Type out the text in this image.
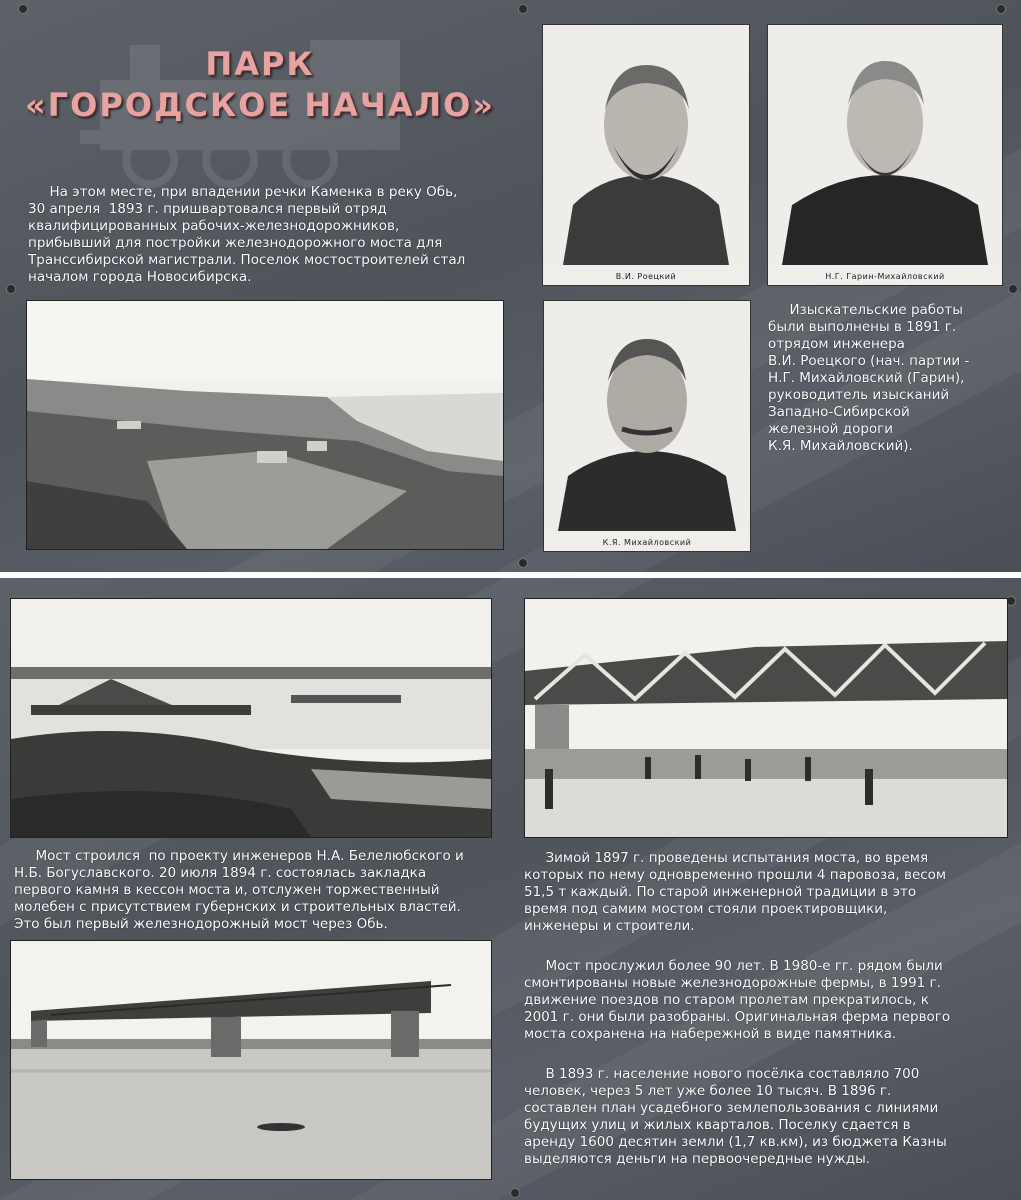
ПАРК
«ГОРОДСКОЕ НАЧАЛО»
На этом месте, при впадении речки Каменка в реку Обь,
30 апреля  1893 г. пришвартовался первый отряд
квалифицированных рабочих-железнодорожников,
прибывший для постройки железнодорожного моста для
Транссибирской магистрали. Поселок мостостроителей стал
началом города Новосибирска.	В.И. Роецкий	Н.Г. Гарин-Михайловский
К.Я. Михайловский
Изыскательские работы
были выполнены в 1891 г.
отрядом инженера
В.И. Роецкого (нач. партии -
Н.Г. Михайловский (Гарин),
руководитель изысканий
Западно-Сибирской
железной дороги
К.Я. Михайловский).
Мост строился  по проекту инженеров Н.А. Белелюбского и
Н.Б. Богуславского. 20 июля 1894 г. состоялась закладка
первого камня в кессон моста и, отслужен торжественный
молебен с присутствием губернских и строительных властей.
Это был первый железнодорожный мост через Обь.
Зимой 1897 г. проведены испытания моста, во время
которых по нему одновременно прошли 4 паровоза, весом
51,5 т каждый. По старой инженерной традиции в это
время под самим мостом стояли проектировщики,
инженеры и строители.
Мост прослужил более 90 лет. В 1980-е гг. рядом были
смонтированы новые железнодорожные фермы, в 1991 г.
движение поездов по старом пролетам прекратилось, к
2001 г. они были разобраны. Оригинальная ферма первого
моста сохранена на набережной в виде памятника.
В 1893 г. население нового посёлка составляло 700
человек, через 5 лет уже более 10 тысяч. В 1896 г.
составлен план усадебного землепользования с линиями
будущих улиц и жилых кварталов. Поселку сдается в
аренду 1600 десятин земли (1,7 кв.км), из бюджета Казны
выделяются деньги на первоочередные нужды.
